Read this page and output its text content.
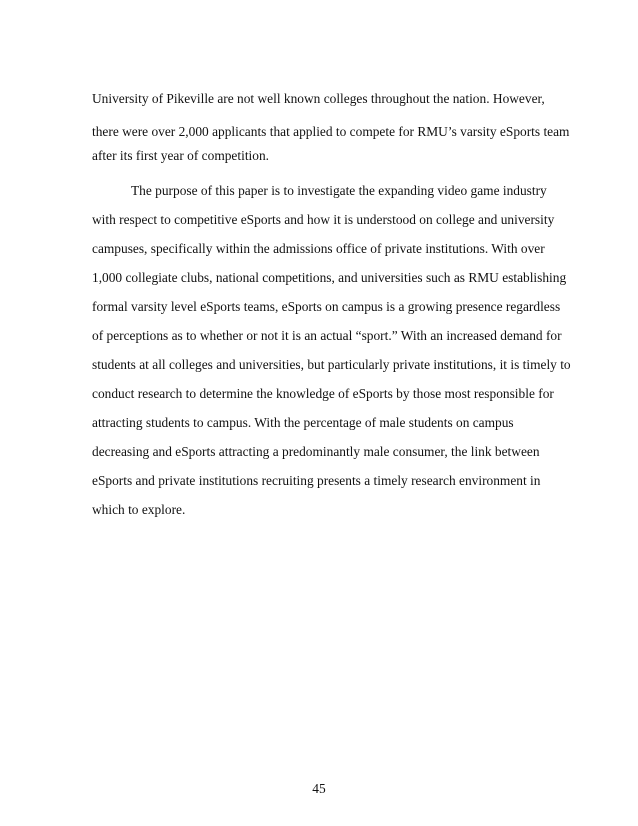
University of Pikeville are not well known colleges throughout the nation. However,
there were over 2,000 applicants that applied to compete for RMU’s varsity eSports team
after its first year of competition.
The purpose of this paper is to investigate the expanding video game industry
with respect to competitive eSports and how it is understood on college and university
campuses, specifically within the admissions office of private institutions. With over
1,000 collegiate clubs, national competitions, and universities such as RMU establishing
formal varsity level eSports teams, eSports on campus is a growing presence regardless
of perceptions as to whether or not it is an actual “sport.” With an increased demand for
students at all colleges and universities, but particularly private institutions, it is timely to
conduct research to determine the knowledge of eSports by those most responsible for
attracting students to campus. With the percentage of male students on campus
decreasing and eSports attracting a predominantly male consumer, the link between
eSports and private institutions recruiting presents a timely research environment in
which to explore.
45
